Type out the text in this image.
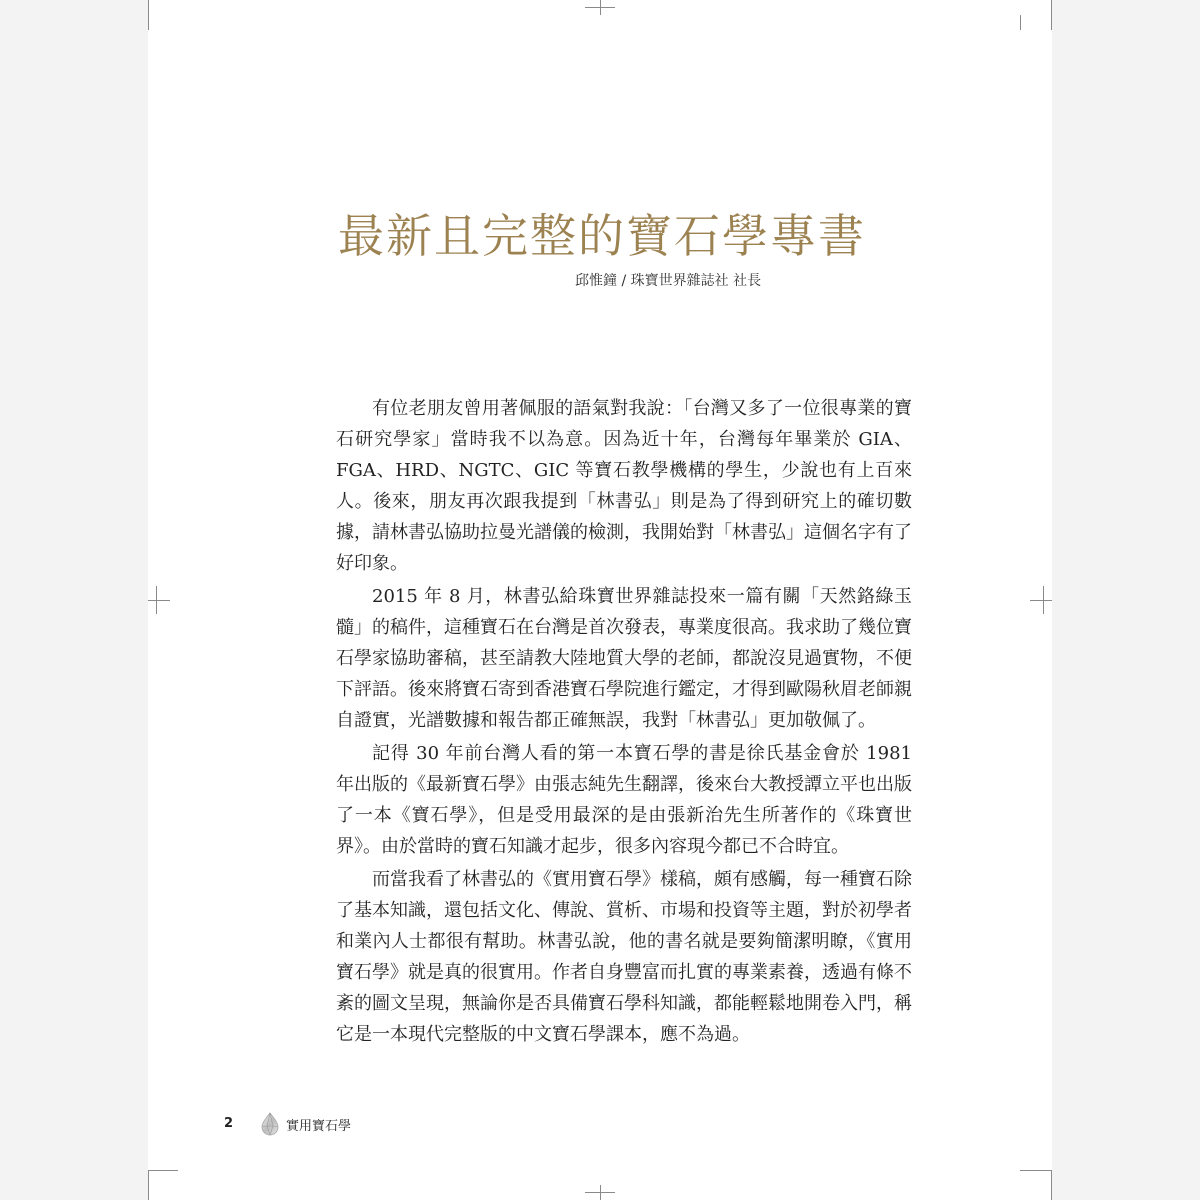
最新且完整的寶石學專書
邱惟鐘 / 珠寶世界雜誌社 社長

有位老朋友曾用著佩服的語氣對我說：「台灣又多了一位很專業的寶石研究學家」當時我不以為意。因為近十年，台灣每年畢業於 GIA、FGA、HRD、NGTC、GIC 等寶石教學機構的學生，少說也有上百來人。後來，朋友再次跟我提到「林書弘」則是為了得到研究上的確切數據，請林書弘協助拉曼光譜儀的檢測，我開始對「林書弘」這個名字有了好印象。

2015 年 8 月，林書弘給珠寶世界雜誌投來一篇有關「天然鉻綠玉髓」的稿件，這種寶石在台灣是首次發表，專業度很高。我求助了幾位寶石學家協助審稿，甚至請教大陸地質大學的老師，都說沒見過實物，不便下評語。後來將寶石寄到香港寶石學院進行鑑定，才得到歐陽秋眉老師親自證實，光譜數據和報告都正確無誤，我對「林書弘」更加敬佩了。

記得 30 年前台灣人看的第一本寶石學的書是徐氏基金會於 1981 年出版的《最新寶石學》由張志純先生翻譯，後來台大教授譚立平也出版了一本《寶石學》，但是受用最深的是由張新治先生所著作的《珠寶世界》。由於當時的寶石知識才起步，很多內容現今都已不合時宜。

而當我看了林書弘的《實用寶石學》樣稿，頗有感觸，每一種寶石除了基本知識，還包括文化、傳說、賞析、市場和投資等主題，對於初學者和業內人士都很有幫助。林書弘說，他的書名就是要夠簡潔明瞭，《實用寶石學》就是真的很實用。作者自身豐富而扎實的專業素養，透過有條不紊的圖文呈現，無論你是否具備寶石學科知識，都能輕鬆地開卷入門，稱它是一本現代完整版的中文寶石學課本，應不為過。

2	實用寶石學
